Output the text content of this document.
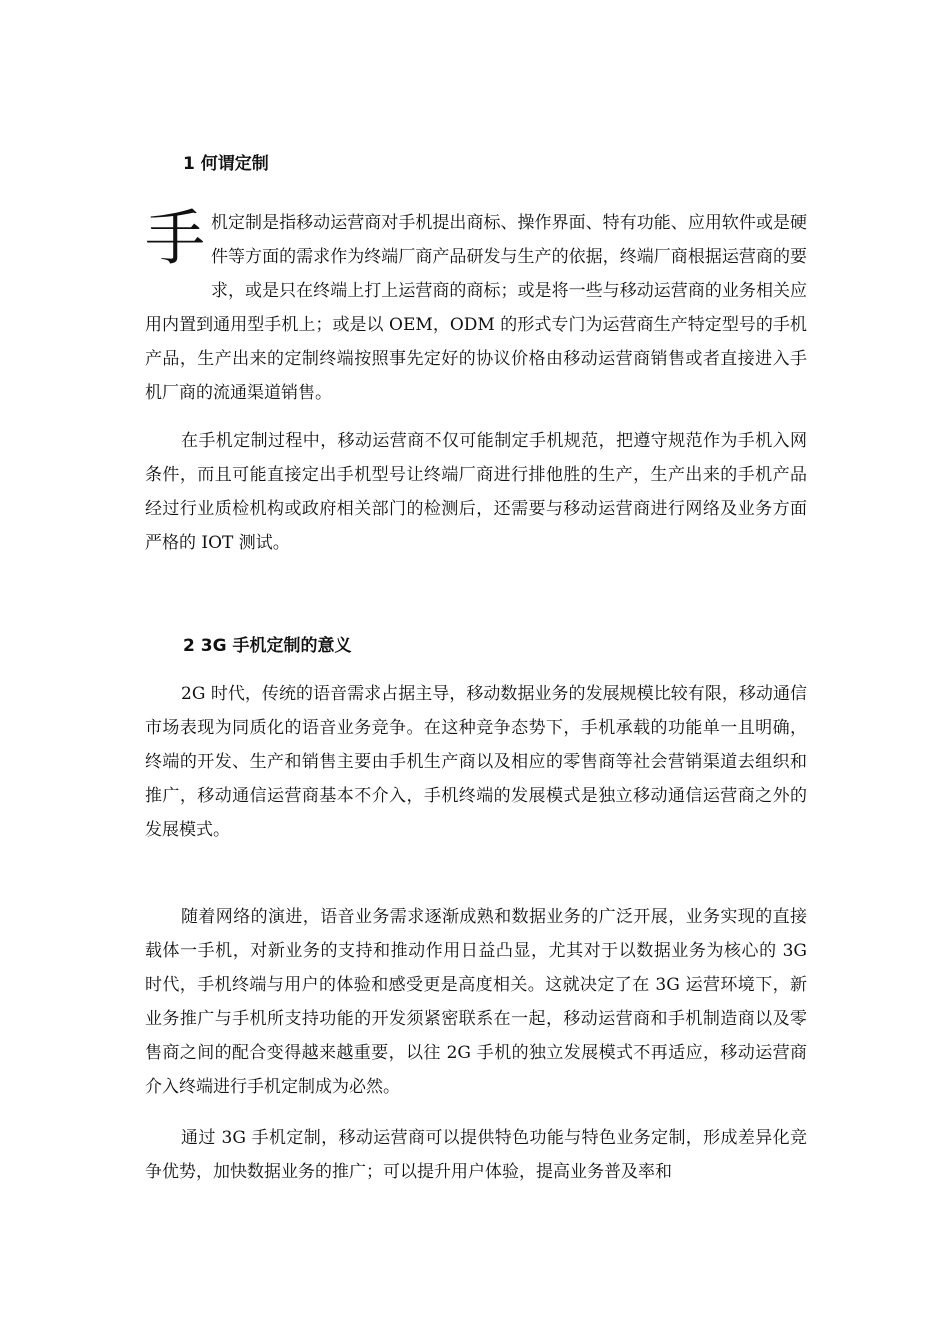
1 何谓定制

手机定制是指移动运营商对手机提出商标、操作界面、特有功能、应用软件或是硬件等方面的需求作为终端厂商产品研发与生产的依据，终端厂商根据运营商的要求，或是只在终端上打上运营商的商标；或是将一些与移动运营商的业务相关应用内置到通用型手机上；或是以 OEM，ODM 的形式专门为运营商生产特定型号的手机产品，生产出来的定制终端按照事先定好的协议价格由移动运营商销售或者直接进入手机厂商的流通渠道销售。

在手机定制过程中，移动运营商不仅可能制定手机规范，把遵守规范作为手机入网条件，而且可能直接定出手机型号让终端厂商进行排他胜的生产，生产出来的手机产品经过行业质检机构或政府相关部门的检测后，还需要与移动运营商进行网络及业务方面严格的 IOT 测试。

2 3G 手机定制的意义

2G 时代，传统的语音需求占据主导，移动数据业务的发展规模比较有限，移动通信市场表现为同质化的语音业务竞争。在这种竞争态势下，手机承载的功能单一且明确，终端的开发、生产和销售主要由手机生产商以及相应的零售商等社会营销渠道去组织和推广，移动通信运营商基本不介入，手机终端的发展模式是独立移动通信运营商之外的发展模式。

随着网络的演进，语音业务需求逐渐成熟和数据业务的广泛开展，业务实现的直接载体一手机，对新业务的支持和推动作用日益凸显，尤其对于以数据业务为核心的 3G 时代，手机终端与用户的体验和感受更是高度相关。这就决定了在 3G 运营环境下，新业务推广与手机所支持功能的开发须紧密联系在一起，移动运营商和手机制造商以及零售商之间的配合变得越来越重要，以往 2G 手机的独立发展模式不再适应，移动运营商介入终端进行手机定制成为必然。

通过 3G 手机定制，移动运营商可以提供特色功能与特色业务定制，形成差异化竞争优势，加快数据业务的推广；可以提升用户体验，提高业务普及率和
